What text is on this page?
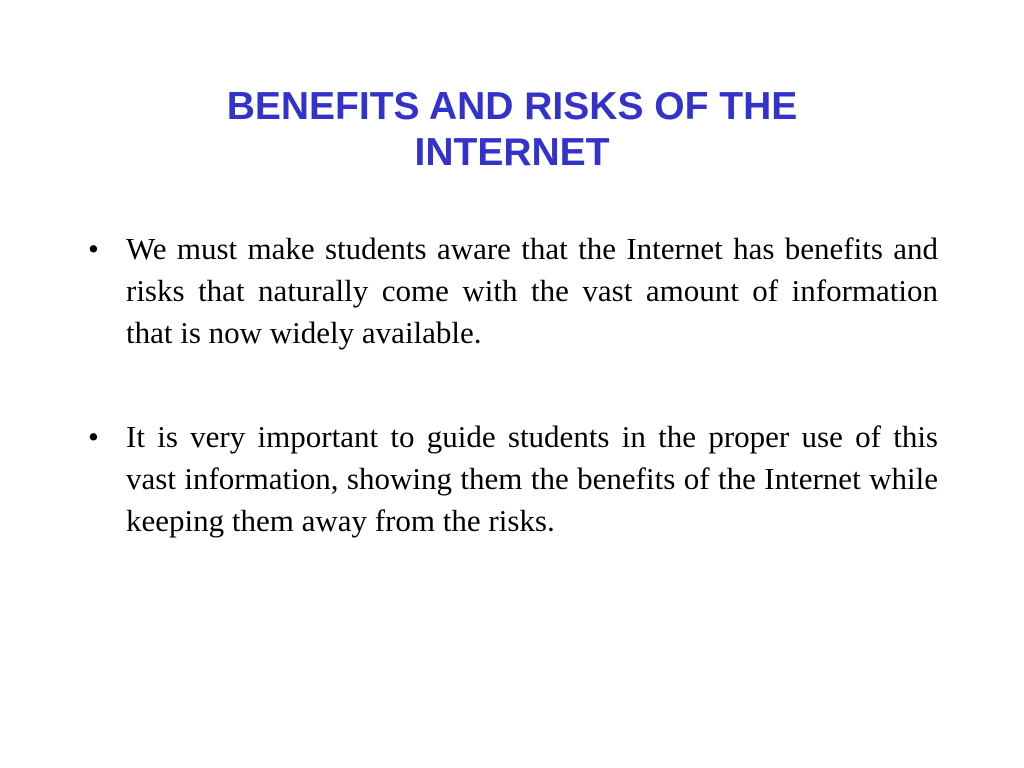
BENEFITS AND RISKS OF THE INTERNET
• We must make students aware that the Internet has benefits and risks that naturally come with the vast amount of information that is now widely available.
• It is very important to guide students in the proper use of this vast information, showing them the benefits of the Internet while keeping them away from the risks.
